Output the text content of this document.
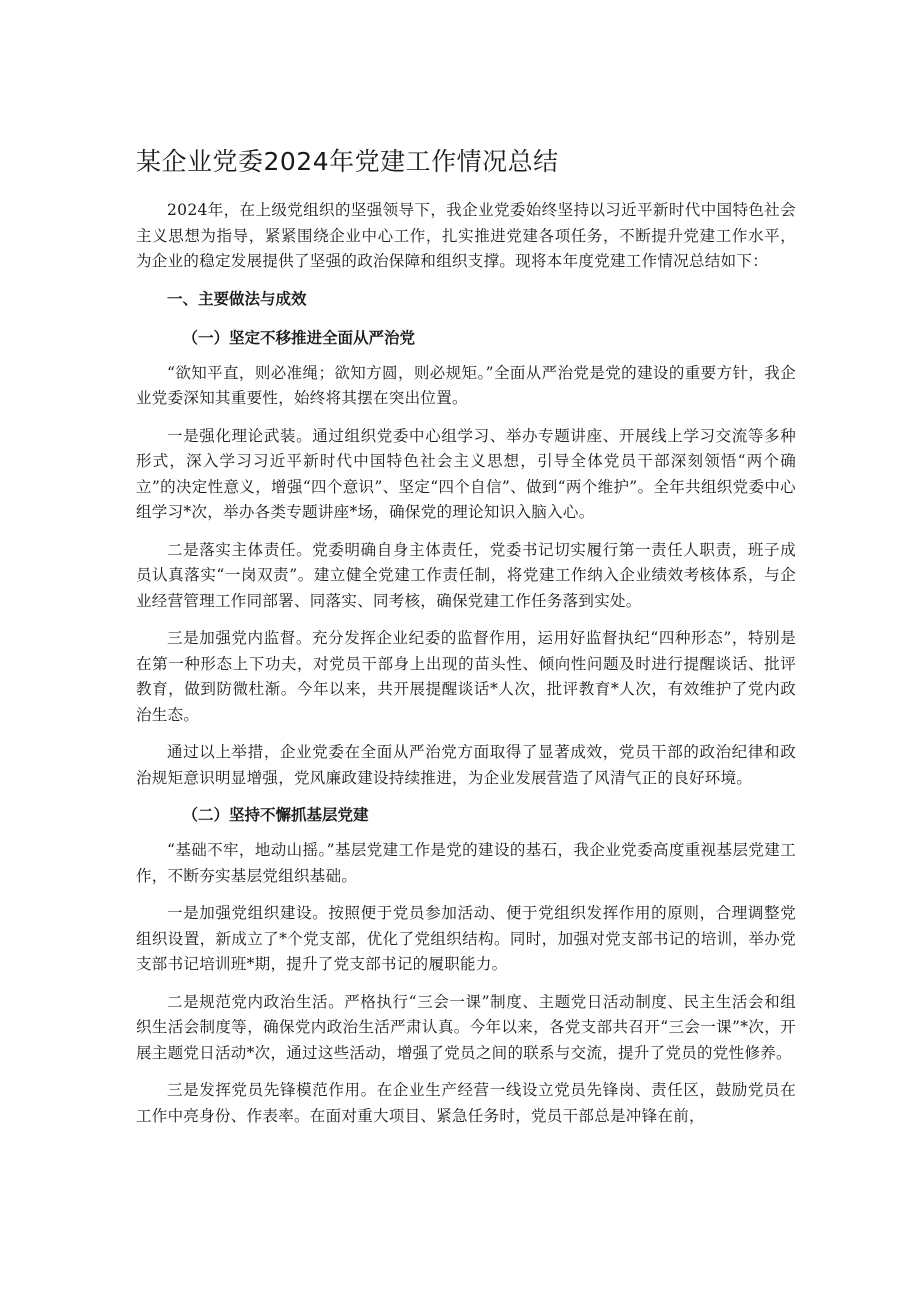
某企业党委2024年党建工作情况总结

2024年，在上级党组织的坚强领导下，我企业党委始终坚持以习近平新时代中国特色社会主义思想为指导，紧紧围绕企业中心工作，扎实推进党建各项任务，不断提升党建工作水平，为企业的稳定发展提供了坚强的政治保障和组织支撑。现将本年度党建工作情况总结如下：

一、主要做法与成效
（一）坚定不移推进全面从严治党

“欲知平直，则必准绳；欲知方圆，则必规矩。”全面从严治党是党的建设的重要方针，我企业党委深知其重要性，始终将其摆在突出位置。

一是强化理论武装。通过组织党委中心组学习、举办专题讲座、开展线上学习交流等多种形式，深入学习习近平新时代中国特色社会主义思想，引导全体党员干部深刻领悟“两个确立”的决定性意义，增强“四个意识”、坚定“四个自信”、做到“两个维护”。全年共组织党委中心组学习*次，举办各类专题讲座*场，确保党的理论知识入脑入心。

二是落实主体责任。党委明确自身主体责任，党委书记切实履行第一责任人职责，班子成员认真落实“一岗双责”。建立健全党建工作责任制，将党建工作纳入企业绩效考核体系，与企业经营管理工作同部署、同落实、同考核，确保党建工作任务落到实处。

三是加强党内监督。充分发挥企业纪委的监督作用，运用好监督执纪“四种形态”，特别是在第一种形态上下功夫，对党员干部身上出现的苗头性、倾向性问题及时进行提醒谈话、批评教育，做到防微杜渐。今年以来，共开展提醒谈话*人次，批评教育*人次，有效维护了党内政治生态。

通过以上举措，企业党委在全面从严治党方面取得了显著成效，党员干部的政治纪律和政治规矩意识明显增强，党风廉政建设持续推进，为企业发展营造了风清气正的良好环境。

（二）坚持不懈抓基层党建

“基础不牢，地动山摇。”基层党建工作是党的建设的基石，我企业党委高度重视基层党建工作，不断夯实基层党组织基础。

一是加强党组织建设。按照便于党员参加活动、便于党组织发挥作用的原则，合理调整党组织设置，新成立了*个党支部，优化了党组织结构。同时，加强对党支部书记的培训，举办党支部书记培训班*期，提升了党支部书记的履职能力。

二是规范党内政治生活。严格执行“三会一课”制度、主题党日活动制度、民主生活会和组织生活会制度等，确保党内政治生活严肃认真。今年以来，各党支部共召开“三会一课”*次，开展主题党日活动*次，通过这些活动，增强了党员之间的联系与交流，提升了党员的党性修养。

三是发挥党员先锋模范作用。在企业生产经营一线设立党员先锋岗、责任区，鼓励党员在工作中亮身份、作表率。在面对重大项目、紧急任务时，党员干部总是冲锋在前，
